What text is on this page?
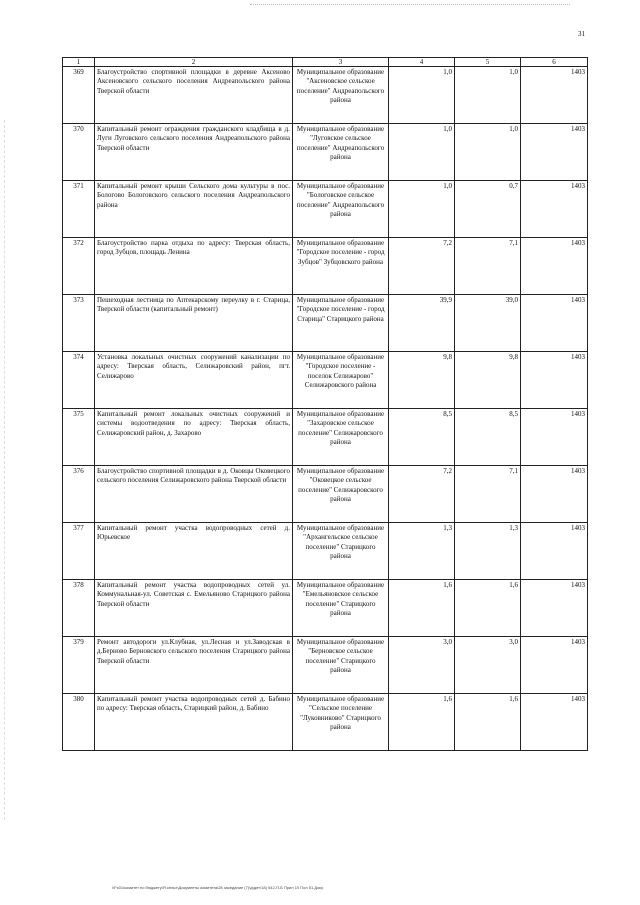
31
1	2	3	4	5	6
369	Благоустройство спортивной площадки в деревне Аксеново Аксеновского сельского поселения Андреапольского района Тверской области	Муниципальное образование "Аксеновское сельское поселение" Андреапольского района	1,0	1,0	1403
370	Капитальный ремонт ограждения гражданского кладбища в д. Луги Луговского сельского поселения Андреапольского района Тверской области	Муниципальное образование "Луговское сельское поселение" Андреапольского района	1,0	1,0	1403
371	Капитальный ремонт крыши Сельского дома культуры в пос. Бологово Бологовского сельского поселения Андреапольского района	Муниципальное образование "Бологовское сельское поселение" Андреапольского района	1,0	0,7	1403
372	Благоустройство парка отдыха по адресу: Тверская область, город Зубцов, площадь Ленина	Муниципальное образование "Городское поселение - город Зубцов" Зубцовского района	7,2	7,1	1403
373	Пешеходная лестница по Аптекарскому переулку в г. Старица, Тверской области (капитальный ремонт)	Муниципальное образование "Городское поселение - город Старица" Старицкого района	39,9	39,0	1403
374	Установка локальных очистных сооружений канализации по адресу: Тверская область, Селижаровский район, пгт. Селижарово	Муниципальное образование "Городское поселение - поселок Селижарово" Селижаровского района	9,8	9,8	1403
375	Капитальный ремонт локальных очистных сооружений и системы водоотведения по адресу: Тверская область, Селижаровский район, д. Захарово	Муниципальное образование "Захаровское сельское поселение" Селижаровского района	8,5	8,5	1403
376	Благоустройство спортивной площадки в д. Оковцы Оковецкого сельского поселения Селижаровского района Тверской области	Муниципальное образование "Оковецкое сельское поселение" Селижаровского района	7,2	7,1	1403
377	Капитальный ремонт участка водопроводных сетей д. Юрьевское	Муниципальное образование "Архангельское сельское поселение" Старицкого района	1,3	1,3	1403
378	Капитальный ремонт участка водопроводных сетей ул. Коммунальная-ул. Советская с. Емельяново Старицкого района Тверской области	Муниципальное образование "Емельяновское сельское поселение" Старицкого района	1,6	1,6	1403
379	Ремонт автодороги ул.Клубная, ул.Лесная и ул.Заводская в д.Берново Берновского сельского поселения Старицкого района Тверской области	Муниципальное образование "Берновское сельское поселение" Старицкого района	3,0	3,0	1403
380	Капитальный ремонт участка водопроводных сетей д. Бабино по адресу: Тверская область, Старицкий район, д. Бабино	Муниципальное образование "Сельское поселение "Луковниково" Старицкого района	1,6	1,6	1403
\\Fs01\комитет по бюджету\Я.сельх\Документы комитета\28 заседание (7)\д\дет\18) 542-П-Б Прил 10 Пол 51.Доку
